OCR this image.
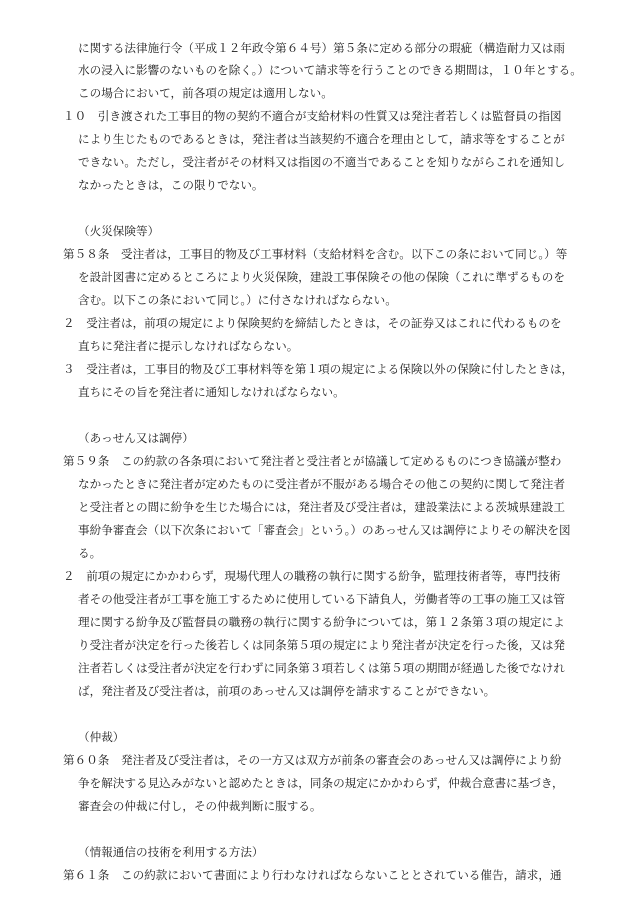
に関する法律施行令（平成１２年政令第６４号）第５条に定める部分の瑕疵（構造耐力又は雨
水の浸入に影響のないものを除く。）について請求等を行うことのできる期間は，１０年とする。
この場合において，前各項の規定は適用しない。
１０　引き渡された工事目的物の契約不適合が支給材料の性質又は発注者若しくは監督員の指図
により生じたものであるときは，発注者は当該契約不適合を理由として，請求等をすることが
できない。ただし，受注者がその材料又は指図の不適当であることを知りながらこれを通知し
なかったときは，この限りでない。
（火災保険等）
第５８条　受注者は，工事目的物及び工事材料（支給材料を含む。以下この条において同じ。）等
を設計図書に定めるところにより火災保険，建設工事保険その他の保険（これに準ずるものを
含む。以下この条において同じ。）に付さなければならない。
２　受注者は，前項の規定により保険契約を締結したときは，その証券又はこれに代わるものを
直ちに発注者に提示しなければならない。
３　受注者は，工事目的物及び工事材料等を第１項の規定による保険以外の保険に付したときは，
直ちにその旨を発注者に通知しなければならない。
（あっせん又は調停）
第５９条　この約款の各条項において発注者と受注者とが協議して定めるものにつき協議が整わ
なかったときに発注者が定めたものに受注者が不服がある場合その他この契約に関して発注者
と受注者との間に紛争を生じた場合には，発注者及び受注者は，建設業法による茨城県建設工
事紛争審査会（以下次条において「審査会」という。）のあっせん又は調停によりその解決を図
る。
２　前項の規定にかかわらず，現場代理人の職務の執行に関する紛争，監理技術者等，専門技術
者その他受注者が工事を施工するために使用している下請負人，労働者等の工事の施工又は管
理に関する紛争及び監督員の職務の執行に関する紛争については，第１２条第３項の規定によ
り受注者が決定を行った後若しくは同条第５項の規定により発注者が決定を行った後，又は発
注者若しくは受注者が決定を行わずに同条第３項若しくは第５項の期間が経過した後でなけれ
ば，発注者及び受注者は，前項のあっせん又は調停を請求することができない。
（仲裁）
第６０条　発注者及び受注者は，その一方又は双方が前条の審査会のあっせん又は調停により紛
争を解決する見込みがないと認めたときは，同条の規定にかかわらず，仲裁合意書に基づき，
審査会の仲裁に付し，その仲裁判断に服する。
（情報通信の技術を利用する方法）
第６１条　この約款において書面により行わなければならないこととされている催告，請求，通
